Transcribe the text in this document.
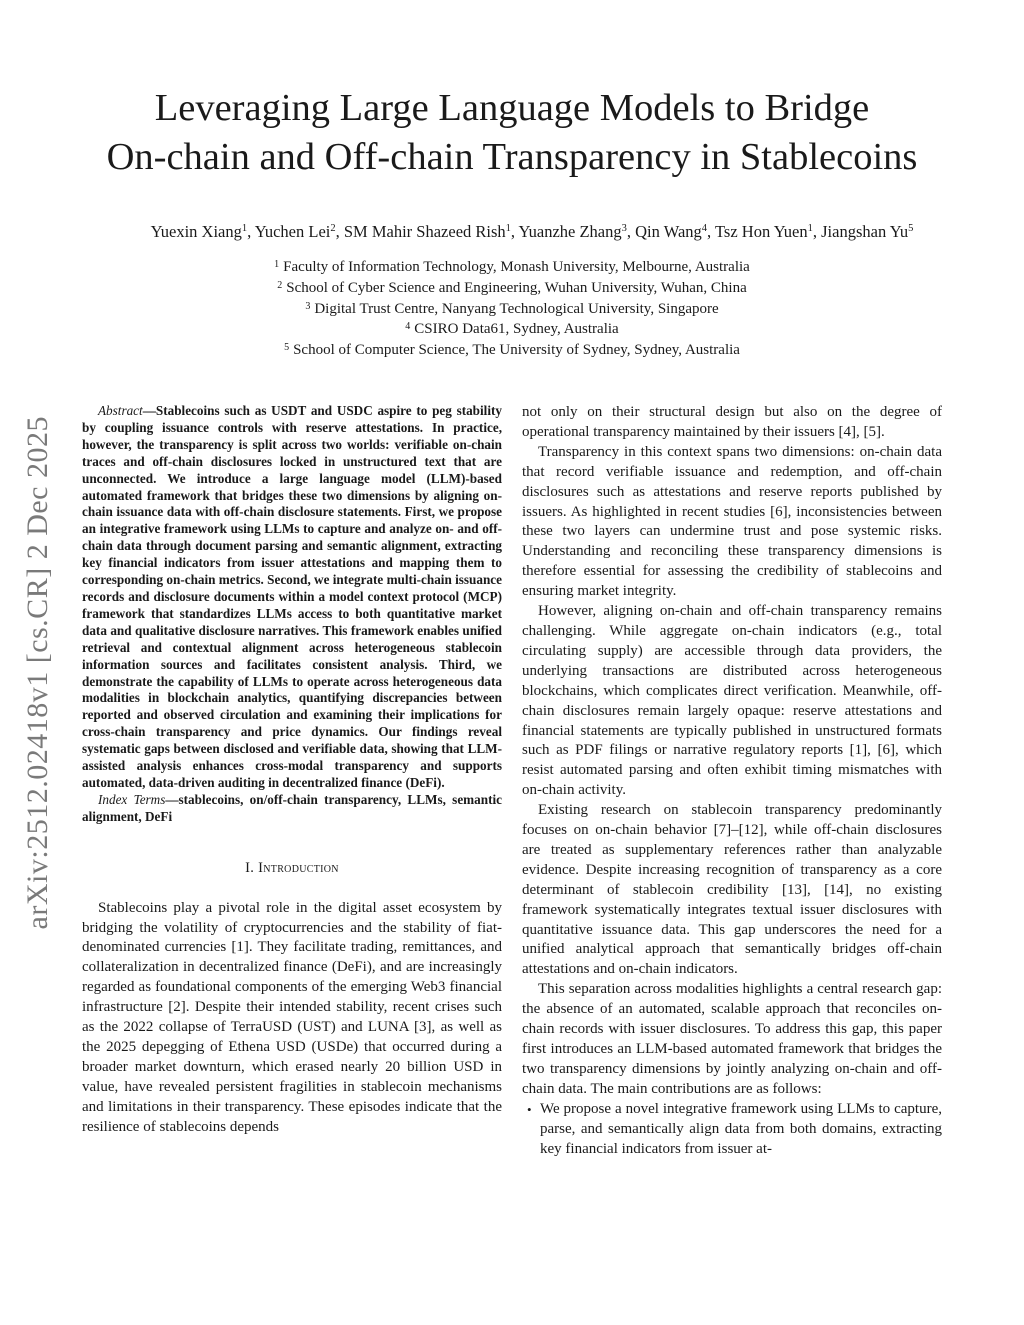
arXiv:2512.02418v1 [cs.CR] 2 Dec 2025
Leveraging Large Language Models to Bridge
On-chain and Off-chain Transparency in Stablecoins
Yuexin Xiang$^1$, Yuchen Lei$^2$, SM Mahir Shazeed Rish$^1$, Yuanzhe Zhang$^3$, Qin Wang$^4$, Tsz Hon Yuen$^1$, Jiangshan Yu$^5$
$^1$ Faculty of Information Technology, Monash University, Melbourne, Australia
$^2$ School of Cyber Science and Engineering, Wuhan University, Wuhan, China
$^3$ Digital Trust Centre, Nanyang Technological University, Singapore
$^4$ CSIRO Data61, Sydney, Australia
$^5$ School of Computer Science, The University of Sydney, Sydney, Australia

Abstract—Stablecoins such as USDT and USDC aspire to peg stability by coupling issuance controls with reserve attestations. In practice, however, the transparency is split across two worlds: verifiable on-chain traces and off-chain disclosures locked in unstructured text that are unconnected. We introduce a large language model (LLM)-based automated framework that bridges these two dimensions by aligning on-chain issuance data with off-chain disclosure statements. First, we propose an integrative framework using LLMs to capture and analyze on- and off-chain data through document parsing and semantic alignment, extracting key financial indicators from issuer attestations and mapping them to corresponding on-chain metrics. Second, we integrate multi-chain issuance records and disclosure documents within a model context protocol (MCP) framework that standardizes LLMs access to both quantitative market data and qualitative disclosure narratives. This framework enables unified retrieval and contextual alignment across heterogeneous stablecoin information sources and facilitates consistent analysis. Third, we demonstrate the capability of LLMs to operate across heterogeneous data modalities in blockchain analytics, quantifying discrepancies between reported and observed circulation and examining their implications for cross-chain transparency and price dynamics. Our findings reveal systematic gaps between disclosed and verifiable data, showing that LLM-assisted analysis enhances cross-modal transparency and supports automated, data-driven auditing in decentralized finance (DeFi).

Index Terms—stablecoins, on/off-chain transparency, LLMs, semantic alignment, DeFi

I. Introduction

Stablecoins play a pivotal role in the digital asset ecosystem by bridging the volatility of cryptocurrencies and the stability of fiat-denominated currencies [1]. They facilitate trading, remittances, and collateralization in decentralized finance (DeFi), and are increasingly regarded as foundational components of the emerging Web3 financial infrastructure [2]. Despite their intended stability, recent crises such as the 2022 collapse of TerraUSD (UST) and LUNA [3], as well as the 2025 depegging of Ethena USD (USDe) that occurred during a broader market downturn, which erased nearly 20 billion USD in value, have revealed persistent fragilities in stablecoin mechanisms and limitations in their transparency. These episodes indicate that the resilience of stablecoins depends

not only on their structural design but also on the degree of operational transparency maintained by their issuers [4], [5].

Transparency in this context spans two dimensions: on-chain data that record verifiable issuance and redemption, and off-chain disclosures such as attestations and reserve reports published by issuers. As highlighted in recent studies [6], inconsistencies between these two layers can undermine trust and pose systemic risks. Understanding and reconciling these transparency dimensions is therefore essential for assessing the credibility of stablecoins and ensuring market integrity.

However, aligning on-chain and off-chain transparency remains challenging. While aggregate on-chain indicators (e.g., total circulating supply) are accessible through data providers, the underlying transactions are distributed across heterogeneous blockchains, which complicates direct verification. Meanwhile, off-chain disclosures remain largely opaque: reserve attestations and financial statements are typically published in unstructured formats such as PDF filings or narrative regulatory reports [1], [6], which resist automated parsing and often exhibit timing mismatches with on-chain activity.

Existing research on stablecoin transparency predominantly focuses on on-chain behavior [7]–[12], while off-chain disclosures are treated as supplementary references rather than analyzable evidence. Despite increasing recognition of transparency as a core determinant of stablecoin credibility [13], [14], no existing framework systematically integrates textual issuer disclosures with quantitative issuance data. This gap underscores the need for a unified analytical approach that semantically bridges off-chain attestations and on-chain indicators.

This separation across modalities highlights a central research gap: the absence of an automated, scalable approach that reconciles on-chain records with issuer disclosures. To address this gap, this paper first introduces an LLM-based automated framework that bridges the two transparency dimensions by jointly analyzing on-chain and off-chain data. The main contributions are as follows:

• We propose a novel integrative framework using LLMs to capture, parse, and semantically align data from both domains, extracting key financial indicators from issuer at-
